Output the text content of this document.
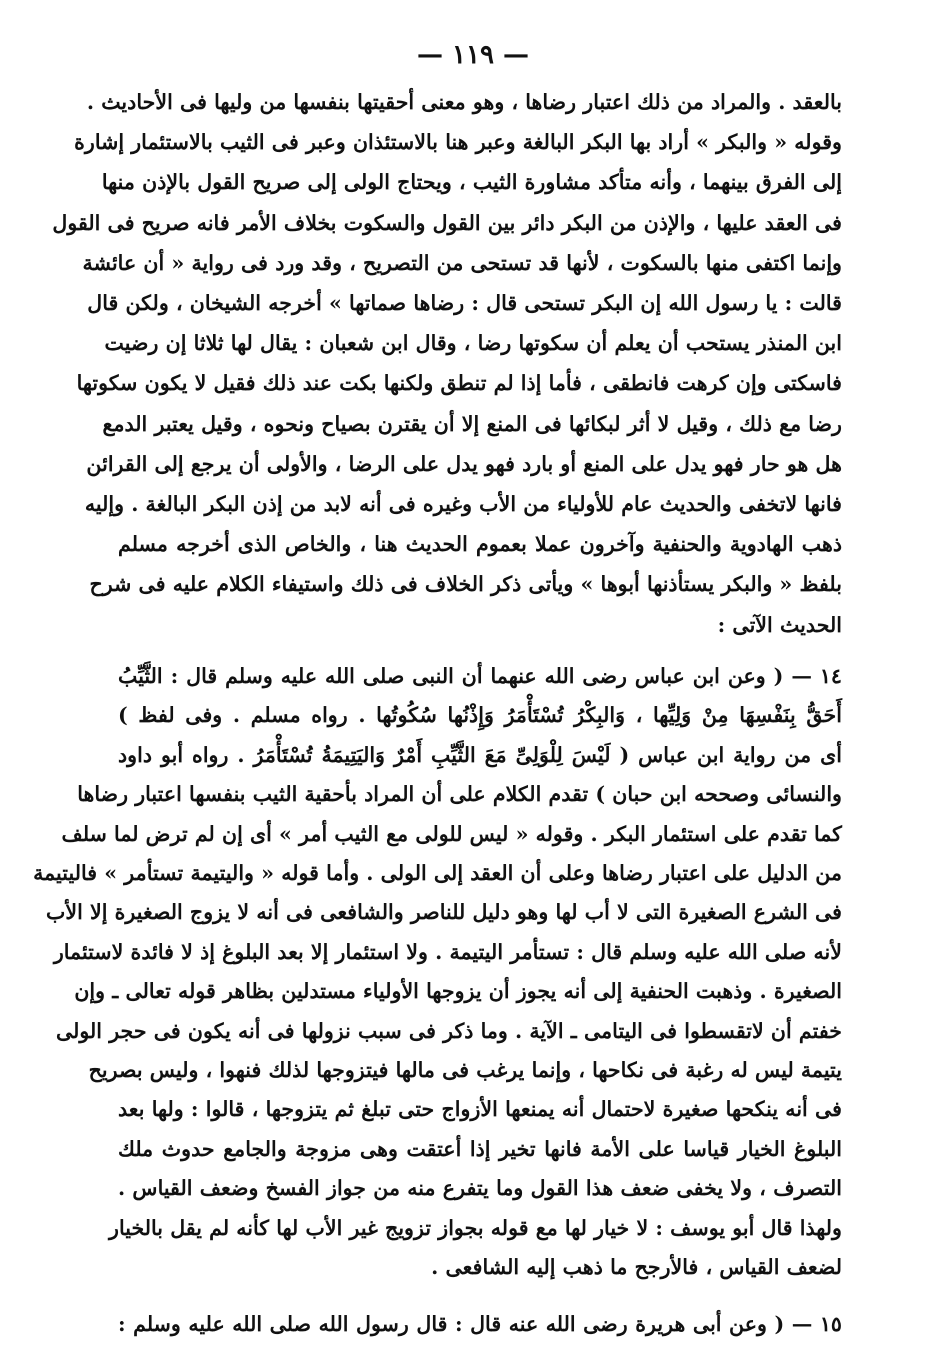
— ١١٩ —
بالعقد . والمراد من ذلك اعتبار رضاها ، وهو معنى أحقيتها بنفسها من وليها فى الأحاديث .
وقوله « والبكر » أراد بها البكر البالغة وعبر هنا بالاستئذان وعبر فى الثيب بالاستئمار إشارة
إلى الفرق بينهما ، وأنه متأكد مشاورة الثيب ، ويحتاج الولى إلى صريح القول بالإذن منها
فى العقد عليها ، والإذن من البكر دائر بين القول والسكوت بخلاف الأمر فانه صريح فى القول
وإنما اكتفى منها بالسكوت ، لأنها قد تستحى من التصريح ، وقد ورد فى رواية « أن عائشة
قالت : يا رسول الله إن البكر تستحى قال : رضاها صماتها » أخرجه الشيخان ، ولكن قال
ابن المنذر يستحب أن يعلم أن سكوتها رضا ، وقال ابن شعبان : يقال لها ثلاثا إن رضيت
فاسكتى وإن كرهت فانطقى ، فأما إذا لم تنطق ولكنها بكت عند ذلك فقيل لا يكون سكوتها
رضا مع ذلك ، وقيل لا أثر لبكائها فى المنع إلا أن يقترن بصياح ونحوه ، وقيل يعتبر الدمع
هل هو حار فهو يدل على المنع أو بارد فهو يدل على الرضا ، والأولى أن يرجع إلى القرائن
فانها لاتخفى والحديث عام للأولياء من الأب وغيره فى أنه لابد من إذن البكر البالغة . وإليه
ذهب الهادوية والحنفية وآخرون عملا بعموم الحديث هنا ، والخاص الذى أخرجه مسلم
بلفظ « والبكر يستأذنها أبوها » ويأتى ذكر الخلاف فى ذلك واستيفاء الكلام عليه فى شرح
الحديث الآتى :
١٤ — ( وعن ابن عباس رضى الله عنهما أن النبى صلى الله عليه وسلم قال : الثَّيِّبُ
أَحَقُّ بِنَفْسِهَا مِنْ وَلِيِّها ، وَالبِكْرُ تُسْتَأْمَرُ وَإِذْنُها سُكُوتُها . رواه مسلم . وفى لفظ )
أى من رواية ابن عباس ( لَيْسَ لِلْوَلِىِّ مَعَ الثَّيِّبِ أَمْرٌ وَاليَتِيمَةُ تُسْتَأْمَرُ . رواه أبو داود
والنسائى وصححه ابن حبان ) تقدم الكلام على أن المراد بأحقية الثيب بنفسها اعتبار رضاها
كما تقدم على استئمار البكر . وقوله « ليس للولى مع الثيب أمر » أى إن لم ترض لما سلف
من الدليل على اعتبار رضاها وعلى أن العقد إلى الولى . وأما قوله « واليتيمة تستأمر » فاليتيمة
فى الشرع الصغيرة التى لا أب لها وهو دليل للناصر والشافعى فى أنه لا يزوج الصغيرة إلا الأب
لأنه صلى الله عليه وسلم قال : تستأمر اليتيمة . ولا استئمار إلا بعد البلوغ إذ لا فائدة لاستئمار
الصغيرة . وذهبت الحنفية إلى أنه يجوز أن يزوجها الأولياء مستدلين بظاهر قوله تعالى ـ وإن
خفتم أن لاتقسطوا فى اليتامى ـ الآية . وما ذكر فى سبب نزولها فى أنه يكون فى حجر الولى
يتيمة ليس له رغبة فى نكاحها ، وإنما يرغب فى مالها فيتزوجها لذلك فنهوا ، وليس بصريح
فى أنه ينكحها صغيرة لاحتمال أنه يمنعها الأزواج حتى تبلغ ثم يتزوجها ، قالوا : ولها بعد
البلوغ الخيار قياسا على الأمة فانها تخير إذا أعتقت وهى مزوجة والجامع حدوث ملك
التصرف ، ولا يخفى ضعف هذا القول وما يتفرع منه من جواز الفسخ وضعف القياس .
ولهذا قال أبو يوسف : لا خيار لها مع قوله بجواز تزويج غير الأب لها كأنه لم يقل بالخيار
لضعف القياس ، فالأرجح ما ذهب إليه الشافعى .
١٥ — ( وعن أبى هريرة رضى الله عنه قال : قال رسول الله صلى الله عليه وسلم :
